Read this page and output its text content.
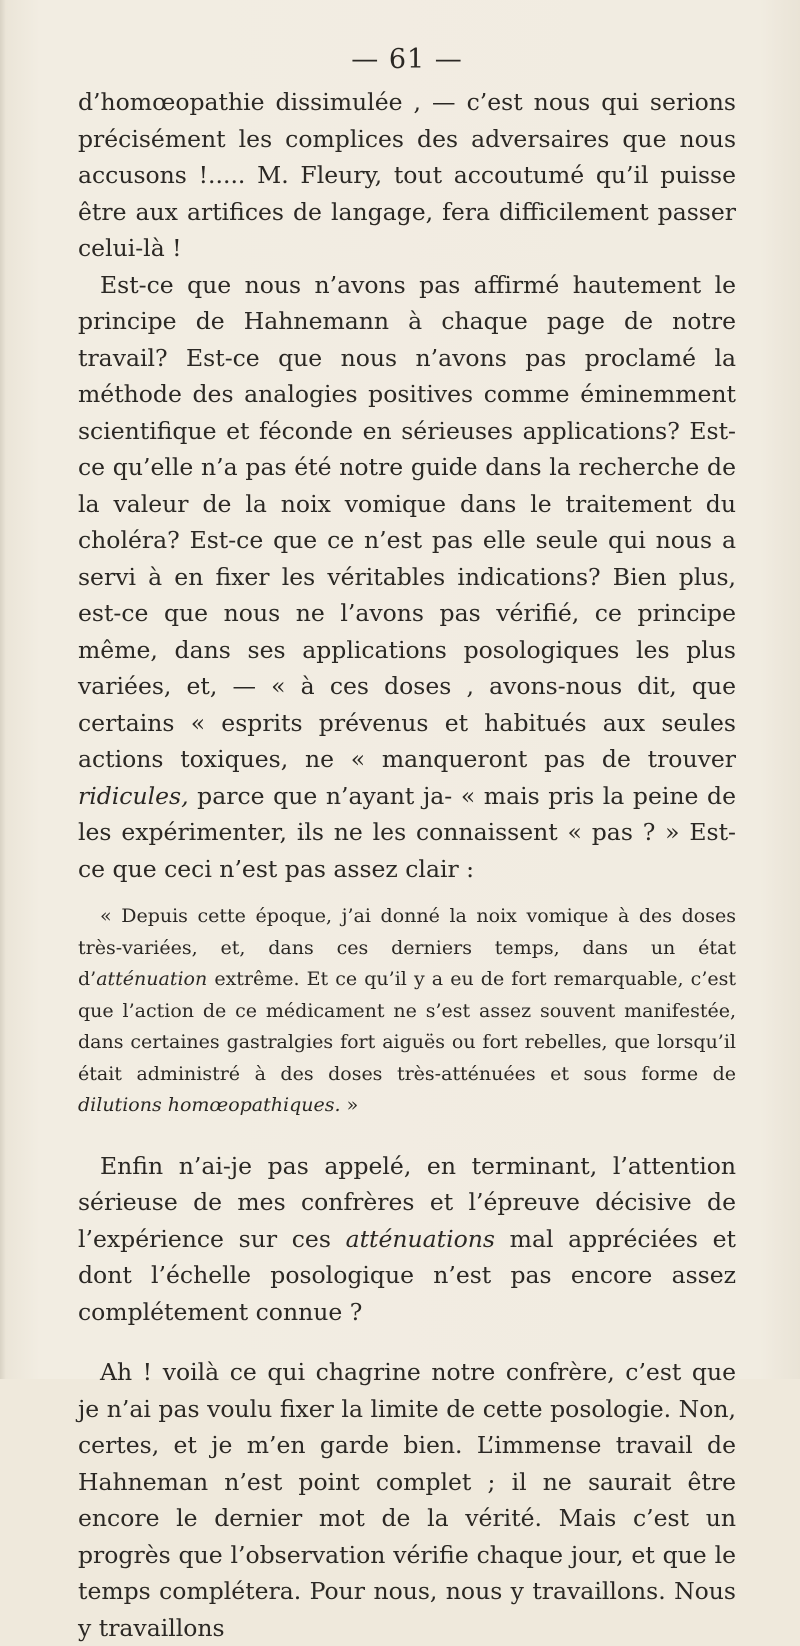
— 61 —

d’homœopathie dissimulée , — c’est nous qui serions précisément les complices des adversaires que nous accusons !..... M. Fleury, tout accoutumé qu’il puisse être aux artifices de langage, fera difficilement passer celui-là !

Est-ce que nous n’avons pas affirmé hautement le principe de Hahnemann à chaque page de notre travail? Est-ce que nous n’avons pas proclamé la méthode des analogies positives comme éminemment scientifique et féconde en sérieuses applications? Est-ce qu’elle n’a pas été notre guide dans la recherche de la valeur de la noix vomique dans le traitement du choléra? Est-ce que ce n’est pas elle seule qui nous a servi à en fixer les véritables indications? Bien plus, est-ce que nous ne l’avons pas vérifié, ce principe même, dans ses applications posologiques les plus variées, et, — « à ces doses , avons-nous dit, que certains « esprits prévenus et habitués aux seules actions toxiques, ne « manqueront pas de trouver ridicules, parce que n’ayant ja- « mais pris la peine de les expérimenter, ils ne les connaissent « pas ? » Est-ce que ceci n’est pas assez clair :

« Depuis cette époque, j’ai donné la noix vomique à des doses très-variées, et, dans ces derniers temps, dans un état d’atténuation extrême. Et ce qu’il y a eu de fort remarquable, c’est que l’action de ce médicament ne s’est assez souvent manifestée, dans certaines gastralgies fort aiguës ou fort rebelles, que lorsqu’il était administré à des doses très-atténuées et sous forme de dilutions homœopathiques. »

Enfin n’ai-je pas appelé, en terminant, l’attention sérieuse de mes confrères et l’épreuve décisive de l’expérience sur ces atténuations mal appréciées et dont l’échelle posologique n’est pas encore assez complétement connue ?

Ah ! voilà ce qui chagrine notre confrère, c’est que je n’ai pas voulu fixer la limite de cette posologie. Non, certes, et je m’en garde bien. L’immense travail de Hahneman n’est point complet ; il ne saurait être encore le dernier mot de la vérité. Mais c’est un progrès que l’observation vérifie chaque jour, et que le temps complétera. Pour nous, nous y travaillons. Nous y travaillons
